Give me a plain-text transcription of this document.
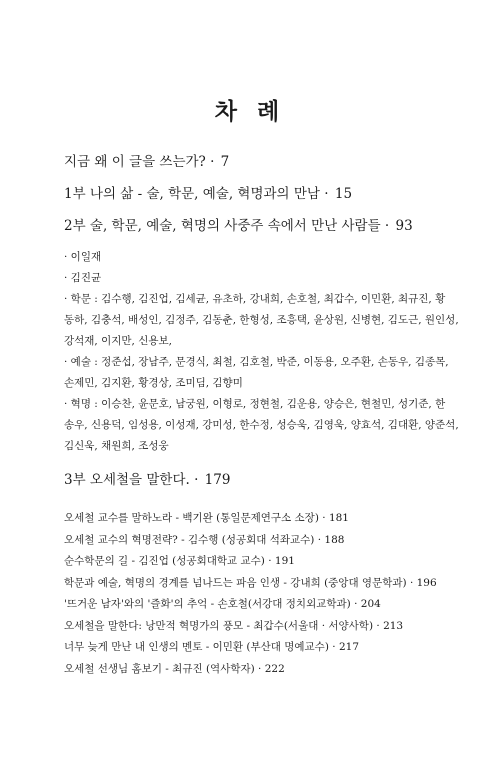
차 례
지금 왜 이 글을 쓰는가? · 7
1부 나의 삶 - 술, 학문, 예술, 혁명과의 만남 · 15
2부 술, 학문, 예술, 혁명의 사중주 속에서 만난 사람들 · 93
· 이일재
· 김진균
· 학문 : 김수행, 김진업, 김세균, 유초하, 강내희, 손호철, 최갑수, 이민환, 최규진, 황
동하, 김충석, 배성인, 김정주, 김동춘, 한형성, 조흥택, 윤상원, 신병현, 김도근, 원인성,
강석재, 이지만, 신용보,
· 예술 : 정준섭, 장남주, 문경식, 최철, 김호철, 박준, 이동용, 오주환, 손동우, 김종목,
손제민, 김지환, 황경상, 조미딤, 김향미
· 혁명 : 이승찬, 윤문호, 남궁원, 이형로, 정현철, 김운용, 양승은, 현철민, 성기준, 한
송우, 신용덕, 임성용, 이성재, 강미성, 한수정, 성승욱, 김영욱, 양효석, 김대환, 양준석,
김신욱, 채원희, 조성웅
3부 오세철을 말한다. · 179
오세철 교수를 말하노라 - 백기완 (통일문제연구소 소장) · 181
오세철 교수의 혁명전략? - 김수행 (성공회대 석좌교수) · 188
순수학문의 길 - 김진업 (성공회대학교 교수) · 191
학문과 예술, 혁명의 경계를 넘나드는 파음 인생 - 강내희 (중앙대 영문학과) · 196
'뜨거운 남자'와의 '즐화'의 추억 - 손호철(서강대 정치외교학과) · 204
오세철을 말한다: 낭만적 혁명가의 풍모 - 최갑수(서울대 · 서양사학) · 213
너무 늦게 만난 내 인생의 멘토 - 이민환 (부산대 명예교수) · 217
오세철 선생님 홈보기 - 최규진 (역사학자) · 222
